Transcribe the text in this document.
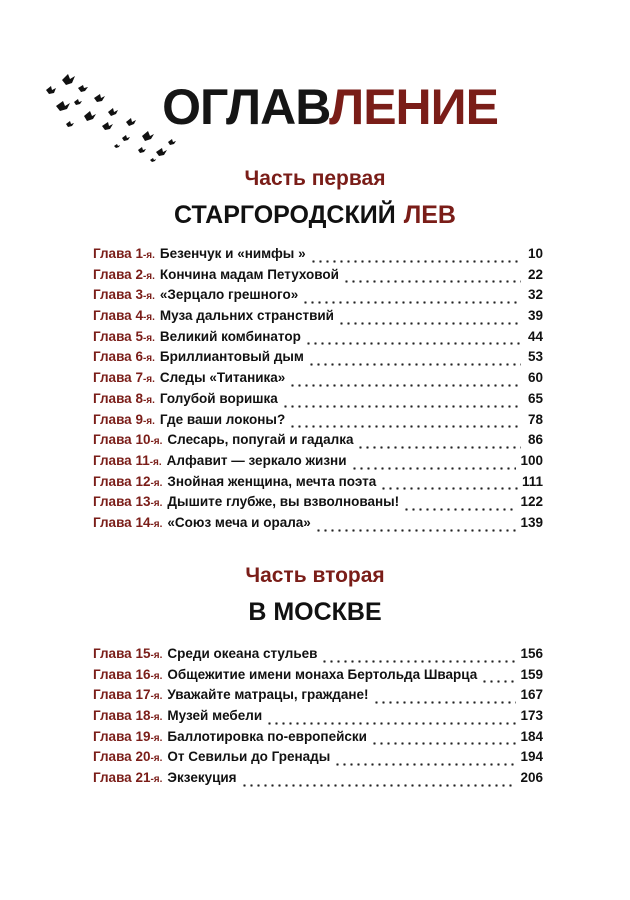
ОГЛАВЛЕНИЕ
Часть первая
СТАРГОРОДСКИЙ ЛЕВ
Глава 1-я. Безенчук и «нимфы »	10
Глава 2-я. Кончина мадам Петуховой	22
Глава 3-я. «Зерцало грешного»	32
Глава 4-я. Муза дальних странствий	39
Глава 5-я. Великий комбинатор	44
Глава 6-я. Бриллиантовый дым	53
Глава 7-я. Следы «Титаника»	60
Глава 8-я. Голубой воришка	65
Глава 9-я. Где ваши локоны?	78
Глава 10-я. Слесарь, попугай и гадалка	86
Глава 11-я. Алфавит — зеркало жизни	100
Глава 12-я. Знойная женщина, мечта поэта	111
Глава 13-я. Дышите глубже, вы взволнованы!	122
Глава 14-я. «Союз меча и орала»	139
Часть вторая
В МОСКВЕ
Глава 15-я. Среди океана стульев	156
Глава 16-я. Общежитие имени монаха Бертольда Шварца	159
Глава 17-я. Уважайте матрацы, граждане!	167
Глава 18-я. Музей мебели	173
Глава 19-я. Баллотировка по-европейски	184
Глава 20-я. От Севильи до Гренады	194
Глава 21-я. Экзекуция	206
